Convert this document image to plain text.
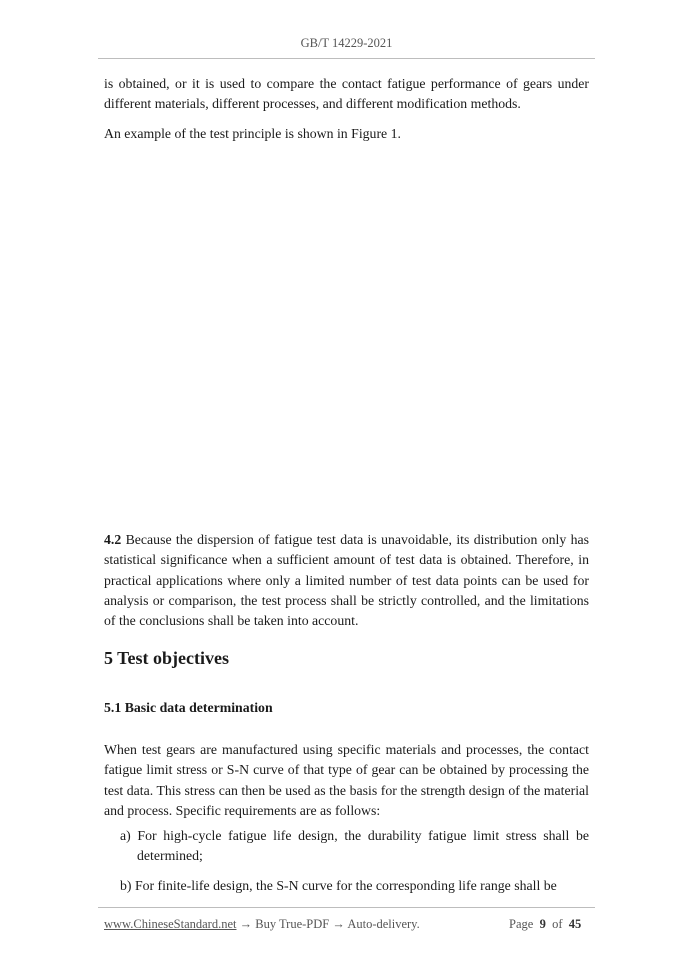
GB/T 14229-2021
is obtained, or it is used to compare the contact fatigue performance of gears under different materials, different processes, and different modification methods.
An example of the test principle is shown in Figure 1.
4.2 Because the dispersion of fatigue test data is unavoidable, its distribution only has statistical significance when a sufficient amount of test data is obtained. Therefore, in practical applications where only a limited number of test data points can be used for analysis or comparison, the test process shall be strictly controlled, and the limitations of the conclusions shall be taken into account.
5 Test objectives
5.1 Basic data determination
When test gears are manufactured using specific materials and processes, the contact fatigue limit stress or S-N curve of that type of gear can be obtained by processing the test data. This stress can then be used as the basis for the strength design of the material and process. Specific requirements are as follows:
a) For high-cycle fatigue life design, the durability fatigue limit stress shall be determined;
b) For finite-life design, the S-N curve for the corresponding life range shall be
www.ChineseStandard.net → Buy True-PDF → Auto-delivery.	Page 9 of 45
